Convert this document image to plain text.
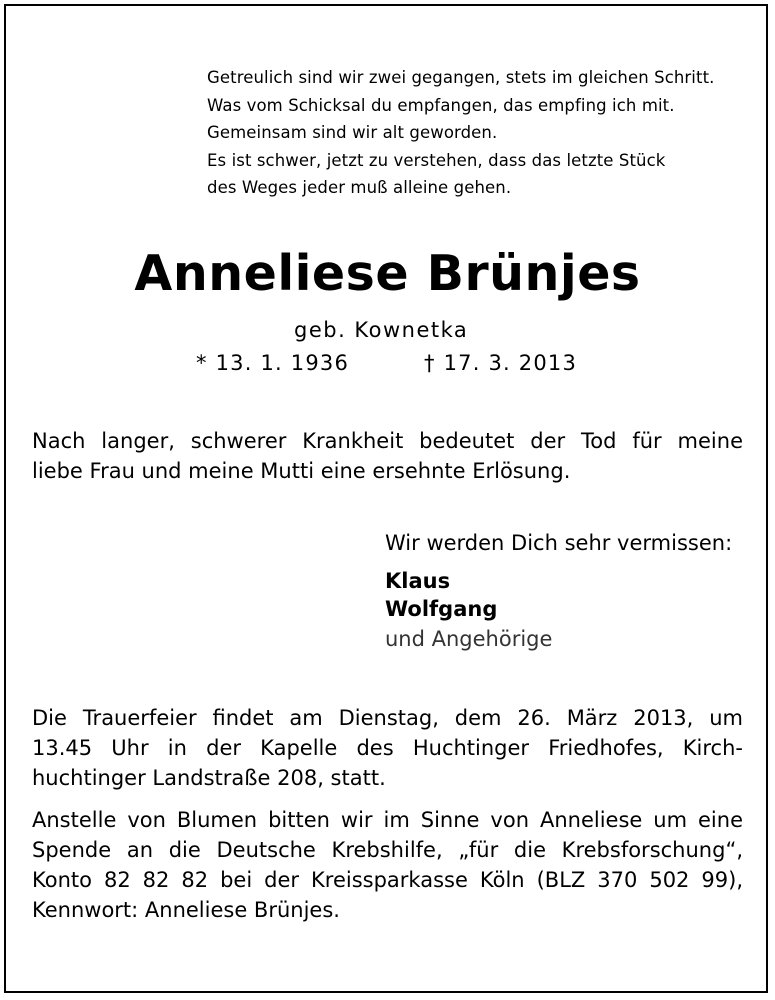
Getreulich sind wir zwei gegangen, stets im gleichen Schritt.
Was vom Schicksal du empfangen, das empfing ich mit.
Gemeinsam sind wir alt geworden.
Es ist schwer, jetzt zu verstehen, dass das letzte Stück
des Weges jeder muß alleine gehen.
Anneliese Brünjes
geb. Kownetka
* 13. 1. 1936	† 17. 3. 2013
Nach langer, schwerer Krankheit bedeutet der Tod für meine
liebe Frau und meine Mutti eine ersehnte Erlösung.
Wir werden Dich sehr vermissen:
Klaus
Wolfgang
und Angehörige
Die Trauerfeier findet am Dienstag, dem 26. März 2013, um
13.45 Uhr in der Kapelle des Huchtinger Friedhofes, Kirch-
huchtinger Landstraße 208, statt.
Anstelle von Blumen bitten wir im Sinne von Anneliese um eine
Spende an die Deutsche Krebshilfe, „für die Krebsforschung“,
Konto 82 82 82 bei der Kreissparkasse Köln (BLZ 370 502 99),
Kennwort: Anneliese Brünjes.
